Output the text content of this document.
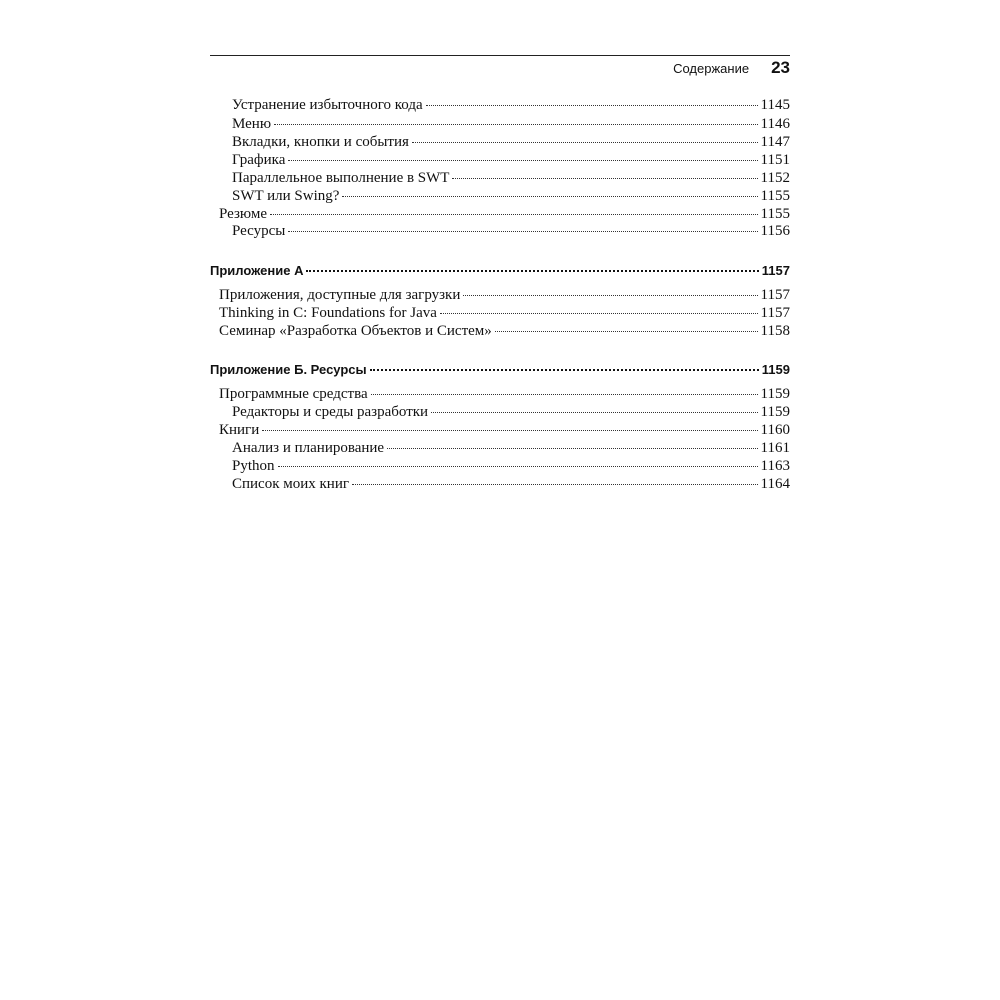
Содержание 23
Устранение избыточного кода	1145
Меню	1146
Вкладки, кнопки и события	1147
Графика	1151
Параллельное выполнение в SWT	1152
SWT или Swing?	1155
Резюме	1155
Ресурсы	1156
Приложение А	1157
Приложения, доступные для загрузки	1157
Thinking in C: Foundations for Java	1157
Семинар «Разработка Объектов и Систем»	1158
Приложение Б. Ресурсы	1159
Программные средства	1159
Редакторы и среды разработки	1159
Книги	1160
Анализ и планирование	1161
Python	1163
Список моих книг	1164
